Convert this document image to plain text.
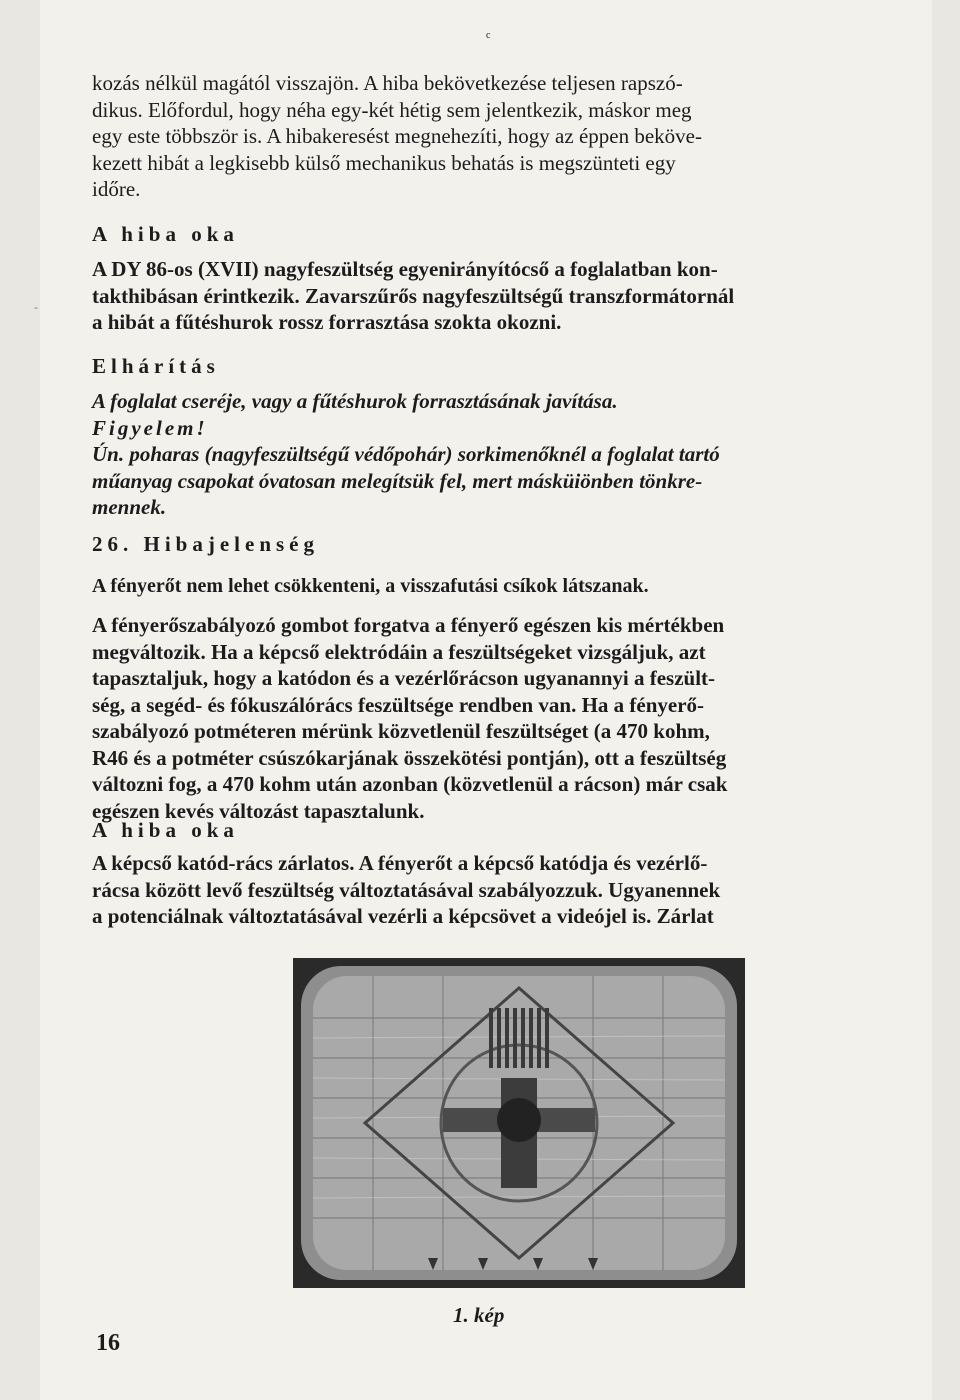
c
-

kozás nélkül magától visszajön. A hiba bekövetkezése teljesen rapszó-
dikus. Előfordul, hogy néha egy-két hétig sem jelentkezik, máskor meg
egy este többször is. A hibakeresést megnehezíti, hogy az éppen beköve-
kezett hibát a legkisebb külső mechanikus behatás is megszünteti egy
időre.

A hiba oka

A DY 86-os (XVII) nagyfeszültség egyenirányítócső a foglalatban kon-
takthibásan érintkezik. Zavarszűrős nagyfeszültségű transzformátornál
a hibát a fűtéshurok rossz forrasztása szokta okozni.

Elhárítás

A foglalat cseréje, vagy a fűtéshurok forrasztásának javítása.
Figyelem!
Ún. poharas (nagyfeszültségű védőpohár) sorkimenőknél a foglalat tartó
műanyag csapokat óvatosan melegítsük fel, mert másküiönben tönkre-
mennek.

26. Hibajelenség

A fényerőt nem lehet csökkenteni, a visszafutási csíkok látszanak.

A fényerőszabályozó gombot forgatva a fényerő egészen kis mértékben
megváltozik. Ha a képcső elektródáin a feszültségeket vizsgáljuk, azt
tapasztaljuk, hogy a katódon és a vezérlőrácson ugyanannyi a feszült-
ség, a segéd- és fókuszálórács feszültsége rendben van. Ha a fényerő-
szabályozó potméteren mérünk közvetlenül feszültséget (a 470 kohm,
R46 és a potméter csúszókarjának összekötési pontján), ott a feszültség
változni fog, a 470 kohm után azonban (közvetlenül a rácson) már csak
egészen kevés változást tapasztalunk.

A hiba oka

A képcső katód-rács zárlatos. A fényerőt a képcső katódja és vezérlő-
rácsa között levő feszültség változtatásával szabályozzuk. Ugyanennek
a potenciálnak változtatásával vezérli a képcsövet a videójel is. Zárlat

1. kép
16
